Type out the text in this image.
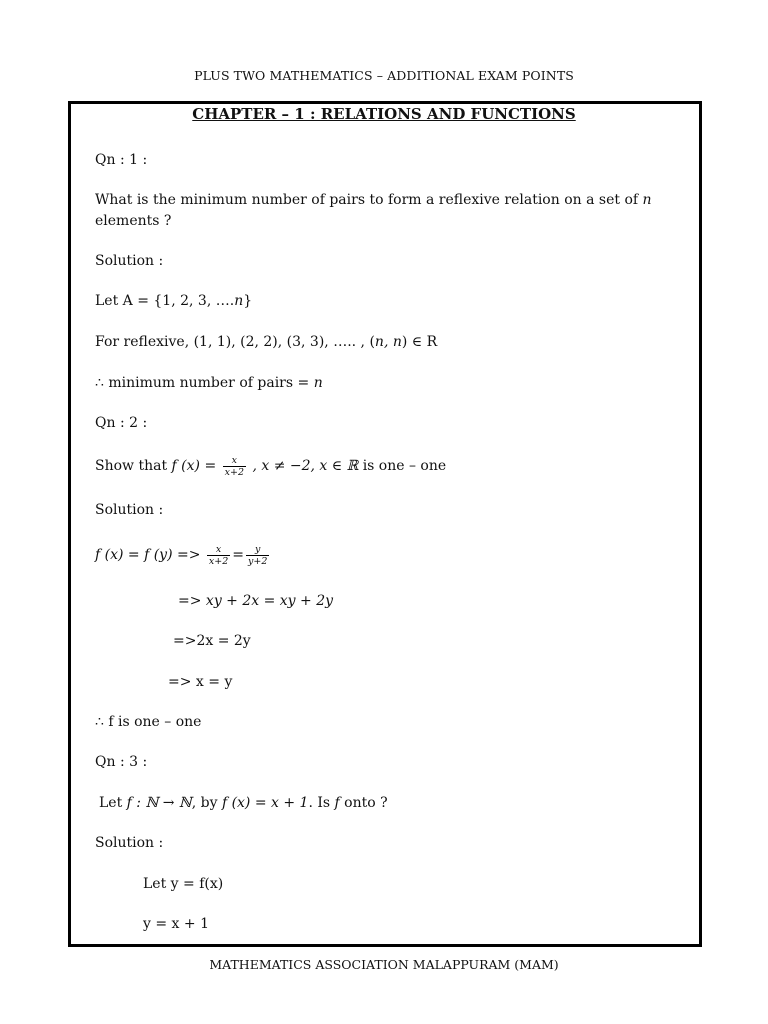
PLUS TWO MATHEMATICS – ADDITIONAL EXAM POINTS
CHAPTER – 1 : RELATIONS AND FUNCTIONS
Qn : 1 :
What is the minimum number of pairs to form a reflexive relation on a set of n
elements ?
Solution :
Let A = {1, 2, 3, ….n}
For reflexive, (1, 1), (2, 2), (3, 3), ….. , (n, n) ∈ R
∴ minimum number of pairs = n
Qn : 2 :
Show that f $(x) = \frac{x}{x+2}$ , x ≠ −2, x ∈ ℝ is one – one
Solution :
f (x) = f $(y) => \frac{x}{x+2} = \frac{y}{y+2}$
=> xy + 2x = xy + 2y
=>2x = 2y
=> x = y
∴ f is one – one
Qn : 3 :
Let f : ℕ → ℕ, by f (x) = x + 1. Is f onto ?
Solution :
Let y = f(x)
y = x + 1
MATHEMATICS ASSOCIATION MALAPPURAM (MAM)
